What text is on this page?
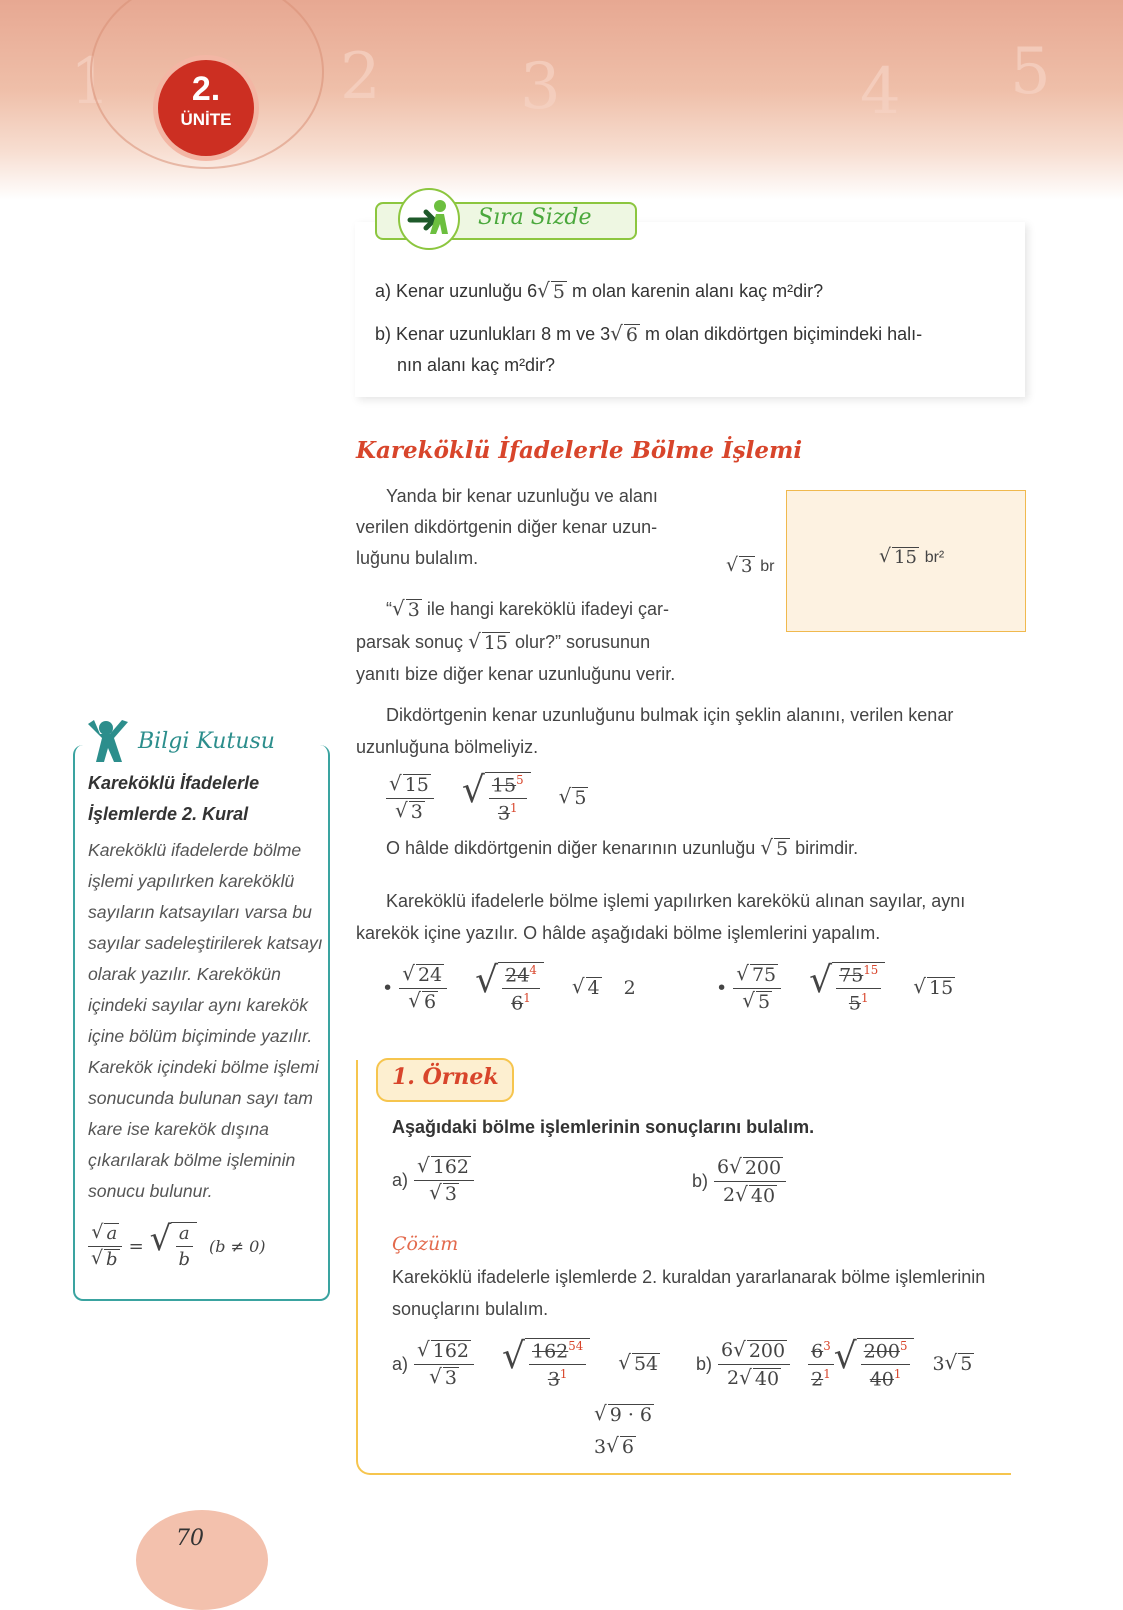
1	2 3	4 5
2.
ÜNİTE
Sıra Sizde
a) Kenar uzunluğu 6 √ 5 m olan karenin alanı kaç m²dir?
b) Kenar uzunlukları 8 m ve 3 √ 6 m olan dikdörtgen biçimindeki halı-
nın alanı kaç m²dir?
Kareköklü İfadelerle Bölme İşlemi
Yanda bir kenar uzunluğu ve alanı
verilen dikdörtgenin diğer kenar uzun-
luğunu bulalım.
“ √ 3 ile hangi kareköklü ifadeyi çar-
parsak sonuç √ 15 olur?” sorusunun
yanıtı bize diğer kenar uzunluğunu verir.
√ 3
br	√ 15
br²
Dikdörtgenin kenar uzunluğunu bulmak için şeklin alanını, verilen kenar
uzunluğuna bölmeliyiz.
$\frac{√ 15}{√ 3}$ √ $\frac{15^5}{3^1}$ √ 5
O hâlde dikdörtgenin diğer kenarının uzunluğu √ 5 birimdir.
Kareköklü ifadelerle bölme işlemi yapılırken karekökü alınan sayılar, aynı
karekök içine yazılır. O hâlde aşağıdaki bölme işlemlerini yapalım.
• $\frac{√ 24}{√ 6}$ √ $\frac{24^4}{6^1}$ √ 4 2	• $\frac{√ 75}{√ 5}$ √ $\frac{75^{15}}{5^1}$ √ 15
Bilgi Kutusu
Kareköklü İfadelerle İşlemlerde 2. Kural
Kareköklü ifadelerde bölme işlemi yapılırken kareköklü sayıların katsayıları varsa bu sayılar sadeleştirilerek katsayı olarak yazılır. Karekökün içindeki sayılar aynı karekök içine bölüm biçiminde yazılır. Karekök içindeki bölme işlemi sonucunda bulunan sayı tam kare ise karekök dışına çıkarılarak bölme işleminin sonucu bulunur.
$\frac{√ a}{√ b}$ = √ $\frac{a}{b} (b \ne 0)$
1. Örnek
Aşağıdaki bölme işlemlerinin sonuçlarını bulalım.
$a) \frac{√ 162}{√ 3}$	$b) \frac{6 √ 200}{2 √ 40}$
Çözüm
Kareköklü ifadelerle işlemlerde 2. kuraldan yararlanarak bölme işlemlerinin
sonuçlarını bulalım.
$a) \frac{√ 162}{√ 3}$ √ $\frac{162^{54}}{3^1}$ √ 54
√ 9 · 6
3 √ 6
$b) \frac{6 √ 200}{2 √ 40} \frac{6^3}{2^1}$ √ $\frac{200^5}{40^1} 3$ √ 5
70
